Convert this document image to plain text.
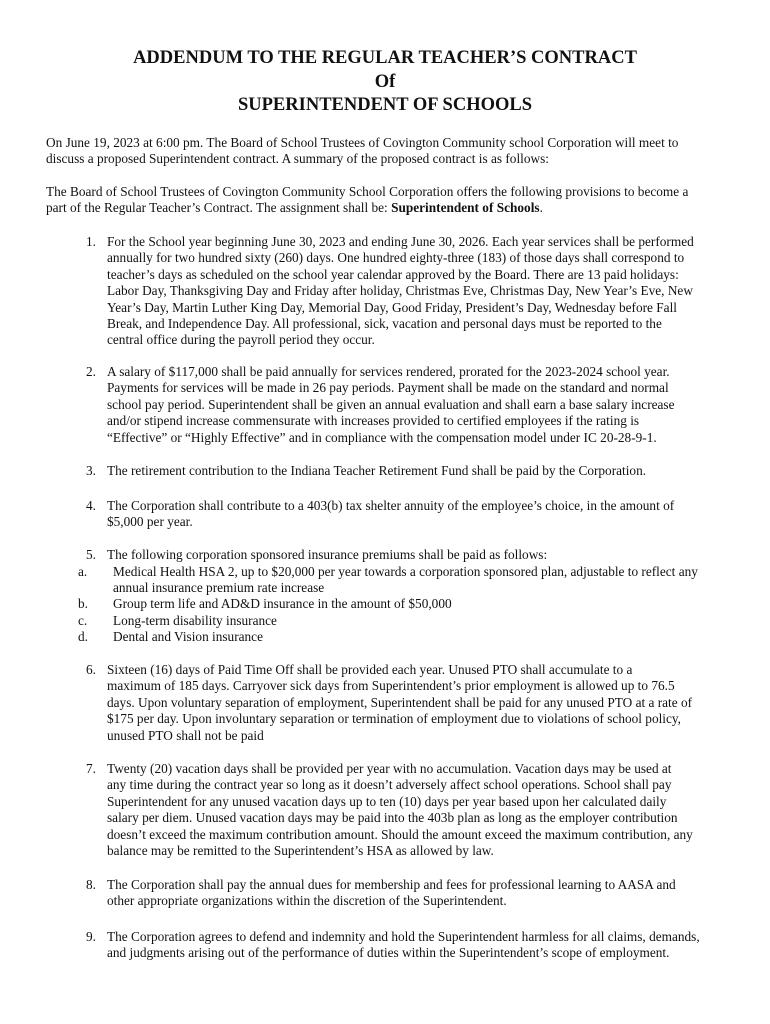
ADDENDUM TO THE REGULAR TEACHER’S CONTRACT
Of
SUPERINTENDENT OF SCHOOLS
On June 19, 2023 at 6:00 pm. The Board of School Trustees of Covington Community school Corporation will meet to
discuss a proposed Superintendent contract. A summary of the proposed contract is as follows:
The Board of School Trustees of Covington Community School Corporation offers the following provisions to become a
part of the Regular Teacher’s Contract. The assignment shall be: Superintendent of Schools.
1. For the School year beginning June 30, 2023 and ending June 30, 2026. Each year services shall be performed
annually for two hundred sixty (260) days. One hundred eighty-three (183) of those days shall correspond to
teacher’s days as scheduled on the school year calendar approved by the Board. There are 13 paid holidays:
Labor Day, Thanksgiving Day and Friday after holiday, Christmas Eve, Christmas Day, New Year’s Eve, New
Year’s Day, Martin Luther King Day, Memorial Day, Good Friday, President’s Day, Wednesday before Fall
Break, and Independence Day. All professional, sick, vacation and personal days must be reported to the
central office during the payroll period they occur.
2. A salary of $117,000 shall be paid annually for services rendered, prorated for the 2023-2024 school year.
Payments for services will be made in 26 pay periods. Payment shall be made on the standard and normal
school pay period. Superintendent shall be given an annual evaluation and shall earn a base salary increase
and/or stipend increase commensurate with increases provided to certified employees if the rating is
“Effective” or “Highly Effective” and in compliance with the compensation model under IC 20-28-9-1.
3. The retirement contribution to the Indiana Teacher Retirement Fund shall be paid by the Corporation.
4. The Corporation shall contribute to a 403(b) tax shelter annuity of the employee’s choice, in the amount of
$5,000 per year.
5. The following corporation sponsored insurance premiums shall be paid as follows:
6. Sixteen (16) days of Paid Time Off shall be provided each year. Unused PTO shall accumulate to a
maximum of 185 days. Carryover sick days from Superintendent’s prior employment is allowed up to 76.5
days. Upon voluntary separation of employment, Superintendent shall be paid for any unused PTO at a rate of
$175 per day. Upon involuntary separation or termination of employment due to violations of school policy,
unused PTO shall not be paid
7. Twenty (20) vacation days shall be provided per year with no accumulation. Vacation days may be used at
any time during the contract year so long as it doesn’t adversely affect school operations. School shall pay
Superintendent for any unused vacation days up to ten (10) days per year based upon her calculated daily
salary per diem. Unused vacation days may be paid into the 403b plan as long as the employer contribution
doesn’t exceed the maximum contribution amount. Should the amount exceed the maximum contribution, any
balance may be remitted to the Superintendent’s HSA as allowed by law.
8. The Corporation shall pay the annual dues for membership and fees for professional learning to AASA and
other appropriate organizations within the discretion of the Superintendent.
9. The Corporation agrees to defend and indemnity and hold the Superintendent harmless for all claims, demands,
and judgments arising out of the performance of duties within the Superintendent’s scope of employment.
a. Medical Health HSA 2, up to $20,000 per year towards a corporation sponsored plan, adjustable to reflect any
annual insurance premium rate increase
b. Group term life and AD&D insurance in the amount of $50,000
c. Long-term disability insurance
d. Dental and Vision insurance
